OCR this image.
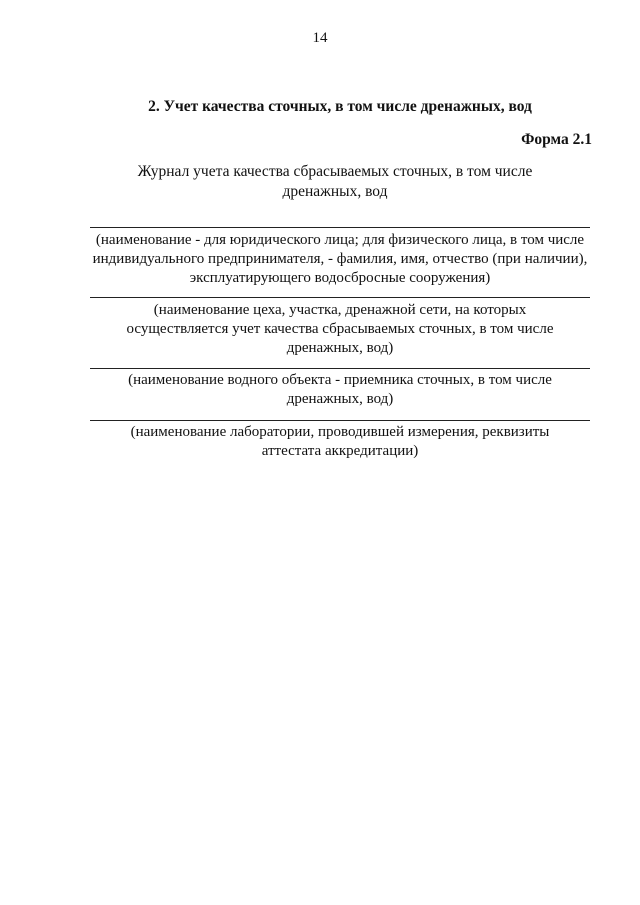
14
2. Учет качества сточных, в том числе дренажных, вод
Форма 2.1
Журнал учета качества сбрасываемых сточных, в том числе
дренажных, вод
(наименование - для юридического лица; для физического лица, в том числе
индивидуального предпринимателя, - фамилия, имя, отчество (при наличии),
эксплуатирующего водосбросные сооружения)
(наименование цеха, участка, дренажной сети, на которых
осуществляется учет качества сбрасываемых сточных, в том числе
дренажных, вод)
(наименование водного объекта - приемника сточных, в том числе
дренажных, вод)
(наименование лаборатории, проводившей измерения, реквизиты
аттестата аккредитации)
